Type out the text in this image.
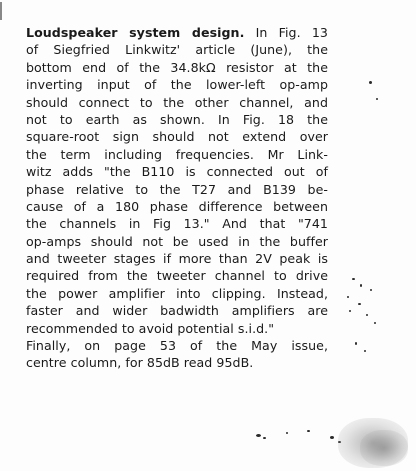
Loudspeaker system design. In Fig. 13
of Siegfried Linkwitz' article (June), the
bottom end of the 34.8kΩ resistor at the
inverting input of the lower-left op-amp
should connect to the other channel, and
not to earth as shown. In Fig. 18 the
square-root sign should not extend over
the term including frequencies. Mr Link-
witz adds "the B110 is connected out of
phase relative to the T27 and B139 be-
cause of a 180 phase difference between
the channels in Fig 13." And that "741
op-amps should not be used in the buffer
and tweeter stages if more than 2V peak is
required from the tweeter channel to drive
the power amplifier into clipping. Instead,
faster and wider badwidth amplifiers are
recommended to avoid potential s.i.d."
Finally, on page 53 of the May issue,
centre column, for 85dB read 95dB.
